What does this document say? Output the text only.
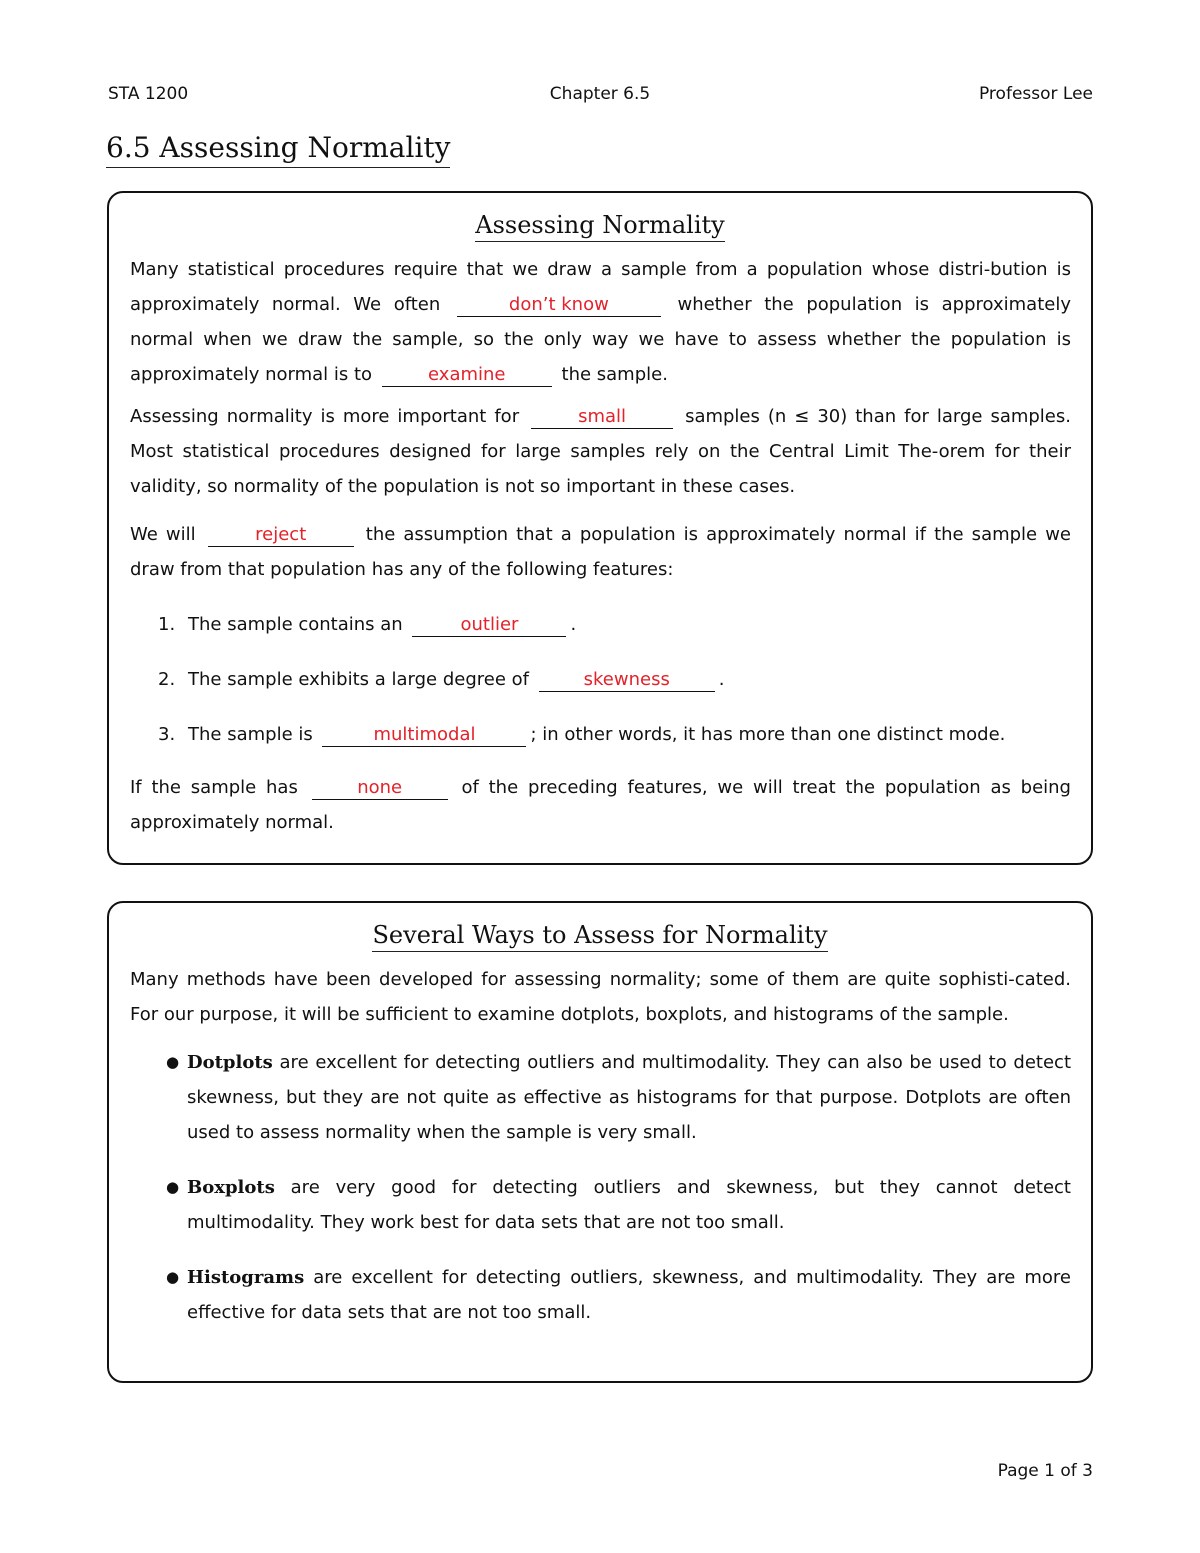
STA 1200	Chapter 6.5	Professor Lee
6.5 Assessing Normality
Assessing Normality

Many statistical procedures require that we draw a sample from a population whose distri-bution is approximately normal. We often	don’t know	whether the population is approximately normal when we draw the sample, so the only way we have to assess whether the population is approximately normal is to	examine	the sample.

Assessing normality is more important for	small	samples (n ≤ 30) than for large samples. Most statistical procedures designed for large samples rely on the Central Limit The-orem for their validity, so normality of the population is not so important in these cases.

We will	reject	the assumption that a population is approximately normal if the sample we draw from that population has any of the following features:

1. The sample contains an	outlier	.

2. The sample exhibits a large degree of	skewness	.

3. The sample is	multimodal	; in other words, it has more than one distinct mode.

If the sample has	none	of the preceding features, we will treat the population as being approximately normal.

Several Ways to Assess for Normality

Many methods have been developed for assessing normality; some of them are quite sophisti-cated. For our purpose, it will be sufficient to examine dotplots, boxplots, and histograms of the sample.

● Dotplots are excellent for detecting outliers and multimodality. They can also be used to detect skewness, but they are not quite as effective as histograms for that purpose. Dotplots are often used to assess normality when the sample is very small.

● Boxplots are very good for detecting outliers and skewness, but they cannot detect multimodality. They work best for data sets that are not too small.

● Histograms are excellent for detecting outliers, skewness, and multimodality. They are more effective for data sets that are not too small.

Page 1 of 3
